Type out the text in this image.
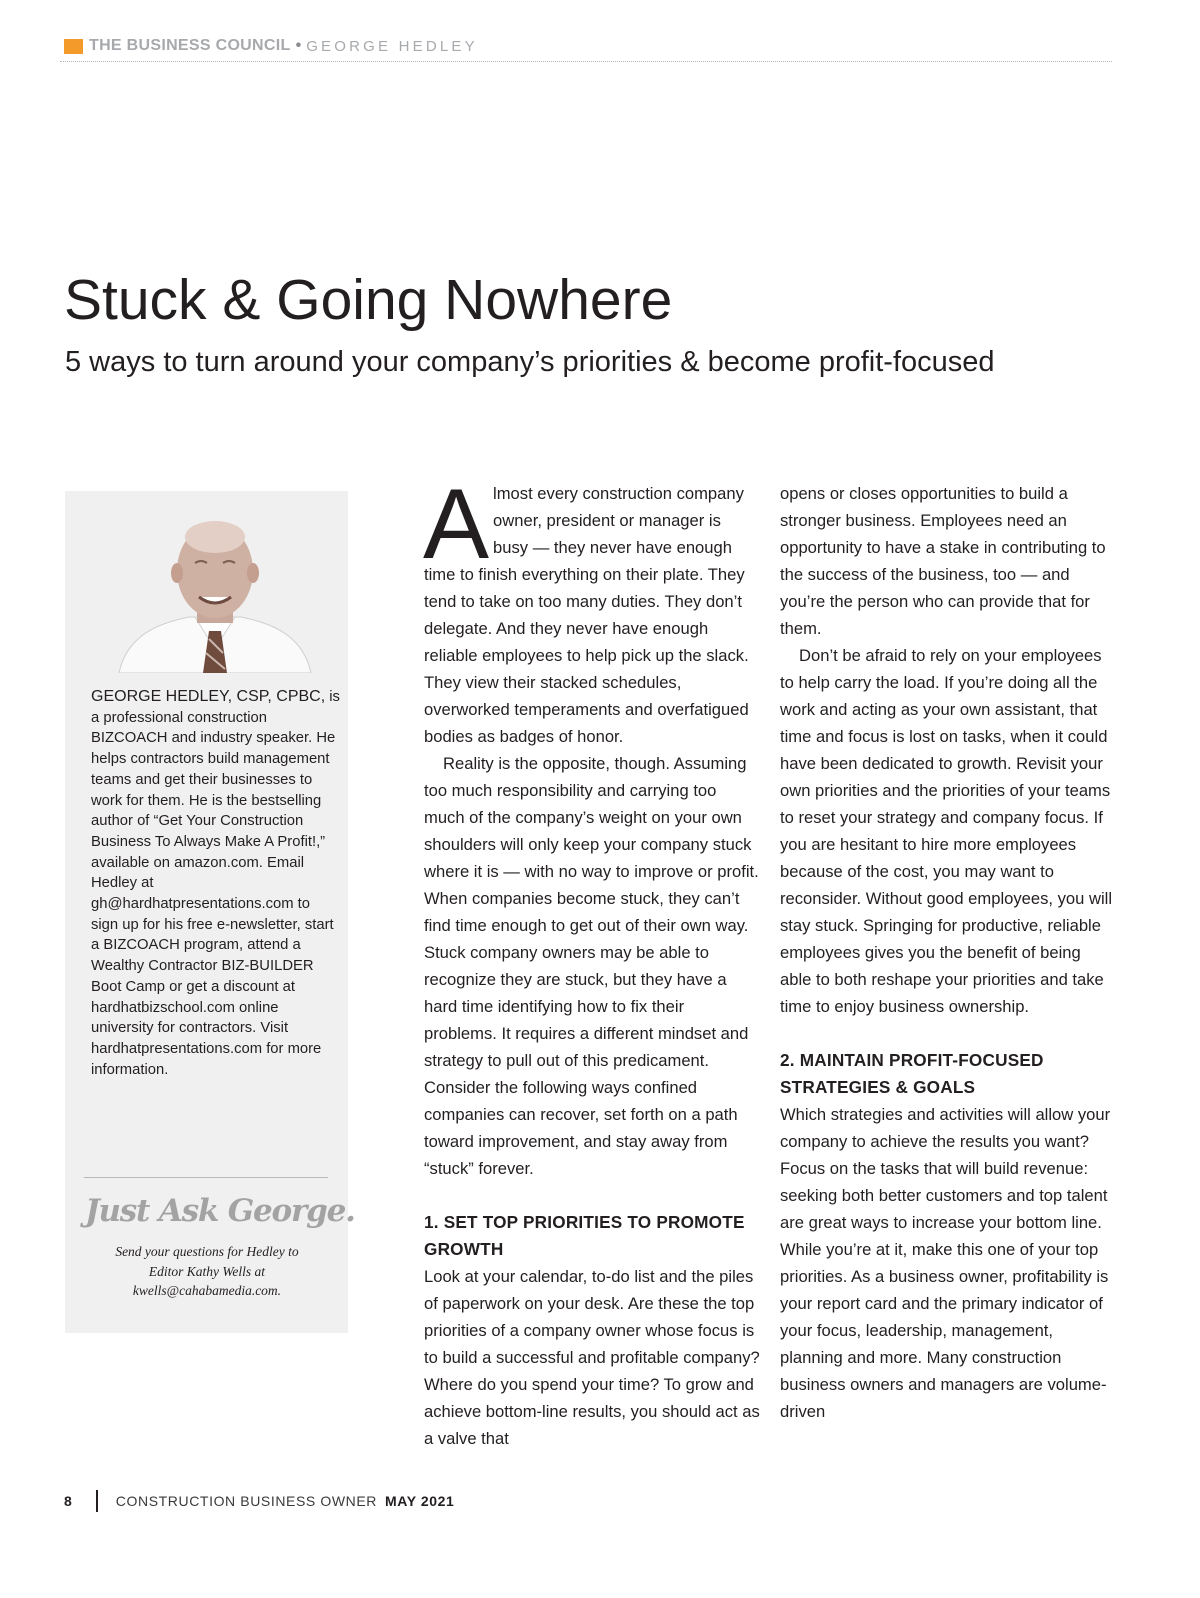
THE BUSINESS COUNCIL • GEORGE HEDLEY
Stuck & Going Nowhere
5 ways to turn around your company’s priorities & become profit-focused
GEORGE HEDLEY, CSP, CPBC, is a professional construction BIZCOACH and industry speaker. He helps contractors build management teams and get their businesses to work for them. He is the bestselling author of “Get Your Construction Business To Always Make A Profit!,” available on amazon.com. Email Hedley at gh@hardhatpresentations.com to sign up for his free e-newsletter, start a BIZCOACH program, attend a Wealthy Contractor BIZ-BUILDER Boot Camp or get a discount at hardhatbizschool.com online university for contractors. Visit hardhatpresentations.com for more information.
Just Ask George.
Send your questions for Hedley to
Editor Kathy Wells at
kwells@cahabamedia.com.

Almost every construction company owner, president or manager is busy — they never have enough time to finish everything on their plate. They tend to take on too many duties. They don’t delegate. And they never have enough reliable employees to help pick up the slack. They view their stacked schedules, overworked temperaments and overfatigued bodies as badges of honor.

Reality is the opposite, though. Assuming too much responsibility and carrying too much of the company’s weight on your own shoulders will only keep your company stuck where it is — with no way to improve or profit. When companies become stuck, they can’t find time enough to get out of their own way. Stuck company owners may be able to recognize they are stuck, but they have a hard time identifying how to fix their problems. It requires a different mindset and strategy to pull out of this predicament. Consider the following ways confined companies can recover, set forth on a path toward improvement, and stay away from “stuck” forever.

1. SET TOP PRIORITIES TO PROMOTE GROWTH

Look at your calendar, to-do list and the piles of paperwork on your desk. Are these the top priorities of a company owner whose focus is to build a successful and profitable company? Where do you spend your time? To grow and achieve bottom-line results, you should act as a valve that

opens or closes opportunities to build a stronger business. Employees need an opportunity to have a stake in contributing to the success of the business, too — and you’re the person who can provide that for them.

Don’t be afraid to rely on your employees to help carry the load. If you’re doing all the work and acting as your own assistant, that time and focus is lost on tasks, when it could have been dedicated to growth. Revisit your own priorities and the priorities of your teams to reset your strategy and company focus. If you are hesitant to hire more employees because of the cost, you may want to reconsider. Without good employees, you will stay stuck. Springing for productive, reliable employees gives you the benefit of being able to both reshape your priorities and take time to enjoy business ownership.

2. MAINTAIN PROFIT-FOCUSED STRATEGIES & GOALS

Which strategies and activities will allow your company to achieve the results you want? Focus on the tasks that will build revenue: seeking both better customers and top talent are great ways to increase your bottom line. While you’re at it, make this one of your top priorities. As a business owner, profitability is your report card and the primary indicator of your focus, leadership, management, planning and more. Many construction business owners and managers are volume-driven

8	CONSTRUCTION BUSINESS OWNER MAY 2021
